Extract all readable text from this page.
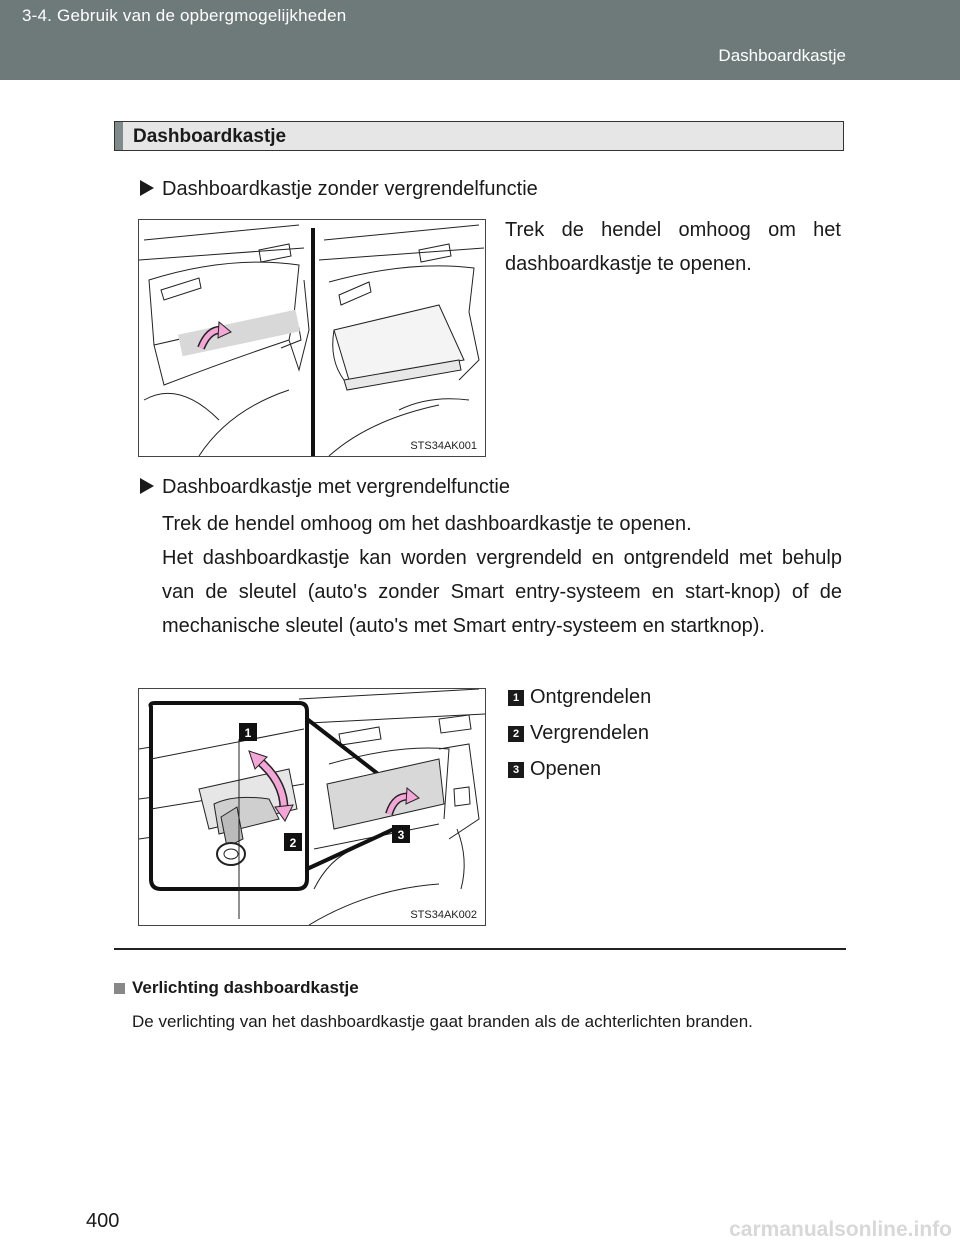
3-4. Gebruik van de opbergmogelijkheden
Dashboardkastje
Dashboardkastje
Dashboardkastje zonder vergrendelfunctie
STS34AK001
Trek de hendel omhoog om het dashboardkastje te openen.
Dashboardkastje met vergrendelfunctie
Trek de hendel omhoog om het dashboardkastje te openen.
Het dashboardkastje kan worden vergrendeld en ontgrendeld met behulp van de sleutel (auto's zonder Smart entry-systeem en start-knop) of de mechanische sleutel (auto's met Smart entry-systeem en startknop).
1
2
3
STS34AK002
1 Ontgrendelen
2 Vergrendelen
3 Openen
Verlichting dashboardkastje
De verlichting van het dashboardkastje gaat branden als de achterlichten branden.
400	carmanualsonline.info
